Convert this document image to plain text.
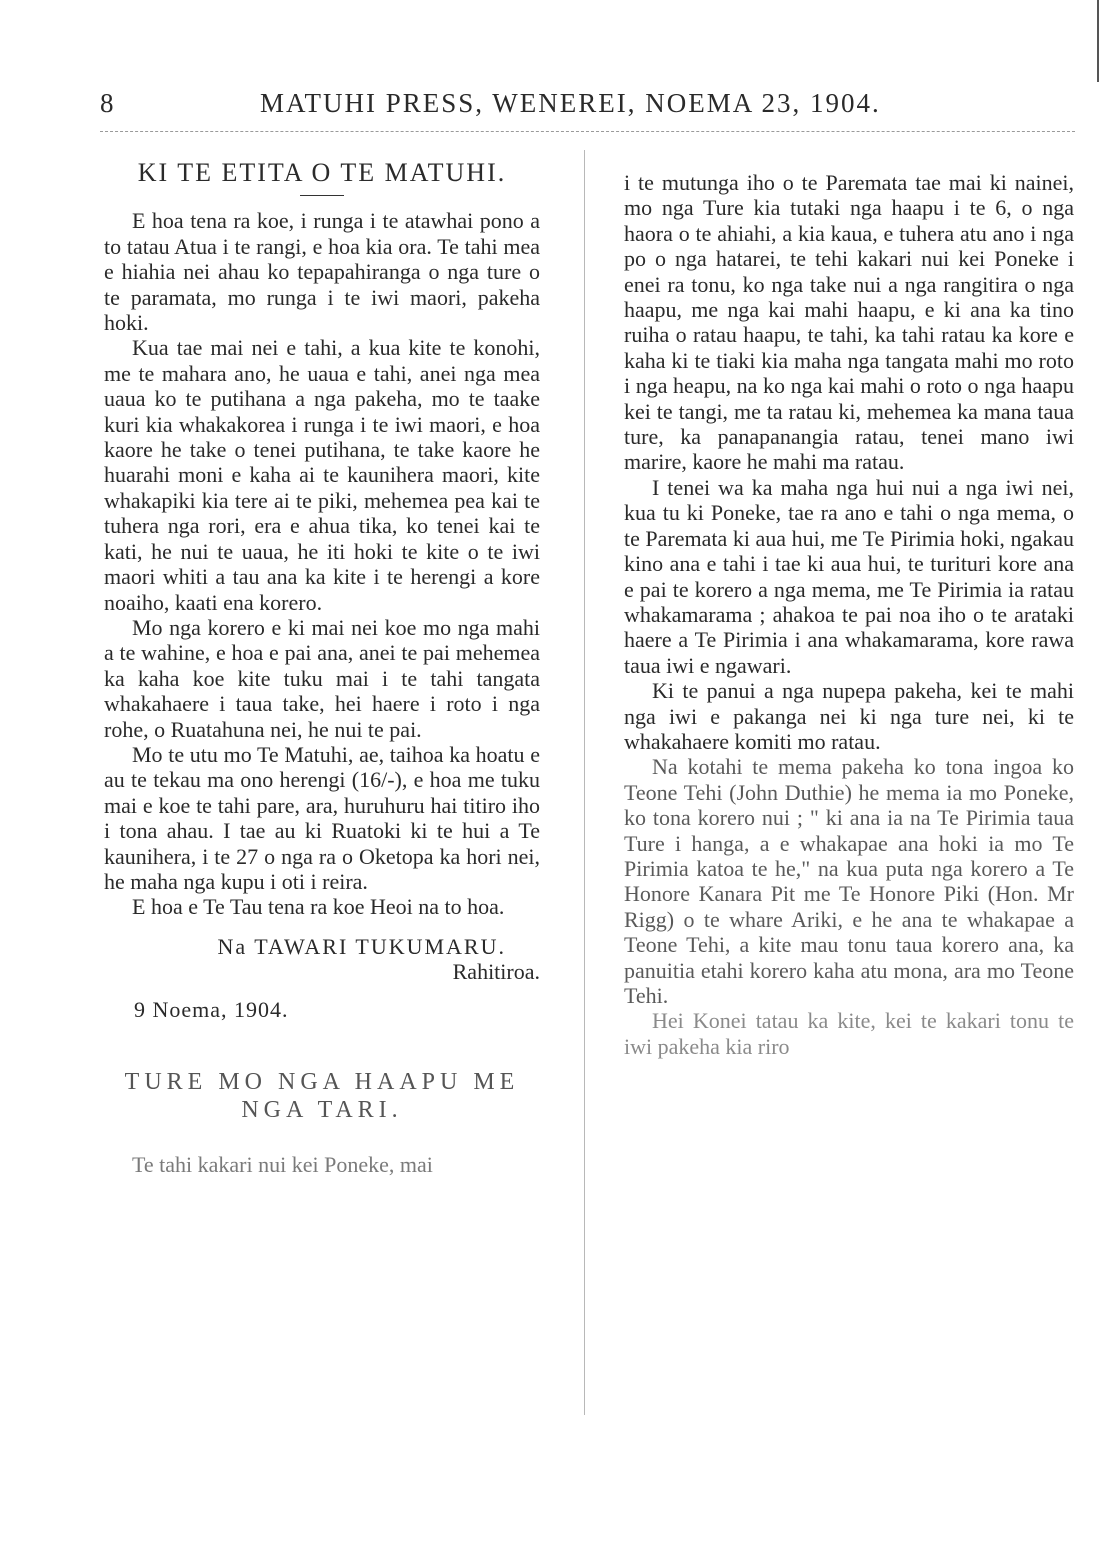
8	MATUHI PRESS, WENEREI, NOEMA 23, 1904.
KI TE ETITA O TE MATUHI.

E hoa tena ra koe, i runga i te atawhai pono a to tatau Atua i te rangi, e hoa kia ora. Te tahi mea e hiahia nei ahau ko tepapahiranga o nga ture o te paramata, mo runga i te iwi maori, pakeha hoki.

Kua tae mai nei e tahi, a kua kite te konohi, me te mahara ano, he uaua e tahi, anei nga mea uaua ko te putihana a nga pakeha, mo te taake kuri kia whakakorea i runga i te iwi maori, e hoa kaore he take o tenei putihana, te take kaore he huarahi moni e kaha ai te kaunihera maori, kite whakapiki kia tere ai te piki, mehemea pea kai te tuhera nga rori, era e ahua tika, ko tenei kai te kati, he nui te uaua, he iti hoki te kite o te iwi maori whiti a tau ana ka kite i te herengi a kore noaiho, kaati ena korero.

Mo nga korero e ki mai nei koe mo nga mahi a te wahine, e hoa e pai ana, anei te pai mehemea ka kaha koe kite tuku mai i te tahi tangata whakahaere i taua take, hei haere i roto i nga rohe, o Ruatahuna nei, he nui te pai.

Mo te utu mo Te Matuhi, ae, taihoa ka hoatu e au te tekau ma ono herengi (16/-), e hoa me tuku mai e koe te tahi pare, ara, huruhuru hai titiro iho i tona ahau. I tae au ki Ruatoki ki te hui a Te kaunihera, i te 27 o nga ra o Oketopa ka hori nei, he maha nga kupu i oti i reira.

E hoa e Te Tau tena ra koe Heoi na to hoa.

Na TAWARI TUKUMARU.
Rahitiroa.
9 Noema, 1904.
TURE MO NGA HAAPU ME NGA TARI.

Te tahi kakari nui kei Poneke, mai

i te mutunga iho o te Paremata tae mai ki nainei, mo nga Ture kia tutaki nga haapu i te 6, o nga haora o te ahiahi, a kia kaua, e tuhera atu ano i nga po o nga hatarei, te tehi kakari nui kei Poneke i enei ra tonu, ko nga take nui a nga rangitira o nga haapu, me nga kai mahi haapu, e ki ana ka tino ruiha o ratau haapu, te tahi, ka tahi ratau ka kore e kaha ki te tiaki kia maha nga tangata mahi mo roto i nga heapu, na ko nga kai mahi o roto o nga haapu kei te tangi, me ta ratau ki, mehemea ka mana taua ture, ka panapanangia ratau, tenei mano iwi marire, kaore he mahi ma ratau.

I tenei wa ka maha nga hui nui a nga iwi nei, kua tu ki Poneke, tae ra ano e tahi o nga mema, o te Paremata ki aua hui, me Te Pirimia hoki, ngakau kino ana e tahi i tae ki aua hui, te turituri kore ana e pai te korero a nga mema, me Te Pirimia ia ratau whakamarama ; ahakoa te pai noa iho o te arataki haere a Te Pirimia i ana whakamarama, kore rawa taua iwi e ngawari.

Ki te panui a nga nupepa pakeha, kei te mahi nga iwi e pakanga nei ki nga ture nei, ki te whakahaere komiti mo ratau.

Na kotahi te mema pakeha ko tona ingoa ko Teone Tehi (John Duthie) he mema ia mo Poneke, ko tona korero nui ; " ki ana ia na Te Pirimia taua Ture i hanga, a e whakapae ana hoki ia mo Te Pirimia katoa te he," na kua puta nga korero a Te Honore Kanara Pit me Te Honore Piki (Hon. Mr Rigg) o te whare Ariki, e he ana te whakapae a Teone Tehi, a kite mau tonu taua korero ana, ka panuitia etahi korero kaha atu mona, ara mo Teone Tehi.

Hei Konei tatau ka kite, kei te kakari tonu te iwi pakeha kia riro
